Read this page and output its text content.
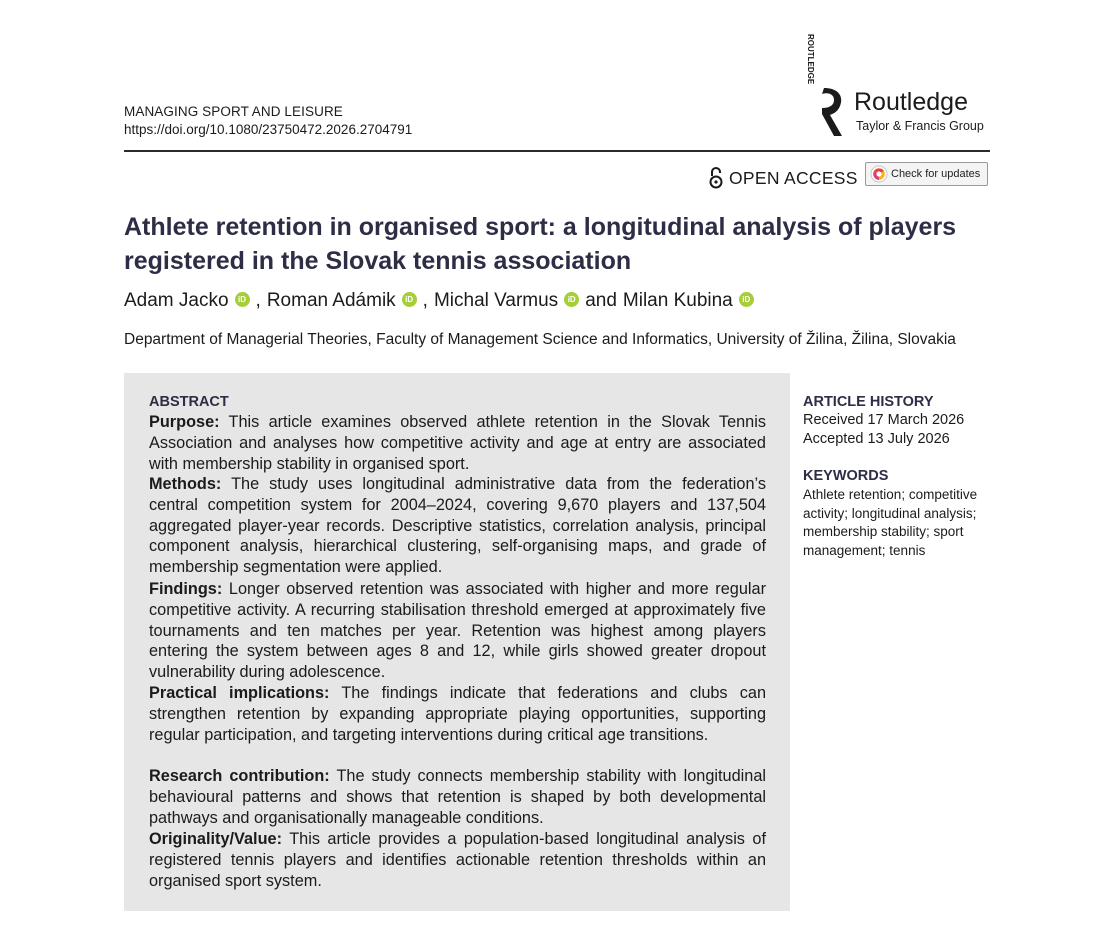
MANAGING SPORT AND LEISURE
https://doi.org/10.1080/23750472.2026.2704791
ROUTLEDGE
Routledge
Taylor & Francis Group
OPEN ACCESS	Check for updates
Athlete retention in organised sport: a longitudinal analysis of players registered in the Slovak tennis association
Adam Jacko	iD , Roman Adámik	iD , Michal Varmus	iD and Milan Kubina	iD
Department of Managerial Theories, Faculty of Management Science and Informatics, University of Žilina, Žilina, Slovakia
ABSTRACT
Purpose: This article examines observed athlete retention in the Slovak Tennis Association and analyses how competitive activity and age at entry are associated with membership stability in organised sport.
Methods: The study uses longitudinal administrative data from the federation’s central competition system for 2004–2024, covering 9,670 players and 137,504 aggregated player-year records. Descriptive statistics, correlation analysis, principal component analysis, hierarchical clustering, self-organising maps, and grade of membership segmentation were applied.
Findings: Longer observed retention was associated with higher and more regular competitive activity. A recurring stabilisation threshold emerged at approximately five tournaments and ten matches per year. Retention was highest among players entering the system between ages 8 and 12, while girls showed greater dropout vulnerability during adolescence.
Practical implications: The findings indicate that federations and clubs can strengthen retention by expanding appropriate playing opportunities, supporting regular participation, and targeting interventions during critical age transitions.
Research contribution: The study connects membership stability with longitudinal behavioural patterns and shows that retention is shaped by both developmental pathways and organisationally manageable conditions.
Originality/Value: This article provides a population-based longitudinal analysis of registered tennis players and identifies actionable retention thresholds within an organised sport system.
ARTICLE HISTORY
Received 17 March 2026
Accepted 13 July 2026
KEYWORDS
Athlete retention; competitive activity; longitudinal analysis; membership stability; sport management; tennis
